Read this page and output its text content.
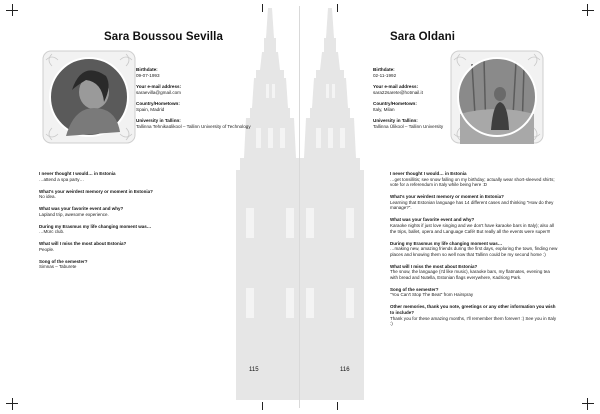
Sara Boussou Sevilla
Birthdate:
09-07-1993
Your e-mail address:
saraevilla@gmail.com
Country/Hometown:
Spain, Madrid
University in Tallinn:
Tallinna Tehnikaülikool – Tallinn University of Technology
I never thought I would… in Estonia
…attend a spa party…
What's your weirdest memory or moment in Estonia?
No idea.
What was your favorite event and why?
Lapland trip, awesome experience.
During my Erasmus my life changing moment was…
…Mürc club.
What will I miss the most about Estonia?
People.
Song of the semester?
Simnas – Taburete
115
Sara Oldani
Birthdate:
02-11-1992
Your e-mail address:
sara22sarete@hotmail.it
Country/Hometown:
Italy, Milan
University in Tallinn:
Tallinna Ülikool – Tallinn University
I never thought I would… in Estonia
…get tonsillitis; see snow falling on my birthday; actually wear short-sleeved shirts; vote for a referendum in Italy while being here :D
What's your weirdest memory or moment in Estonia?
Learning that Estonian language has 14 different cases and thinking "How do they manage?".
What was your favorite event and why?
Karaoke nights if just love singing and we don't have karaoke bars in Italy); also all the trips, ballet, opera and Language Café! But really all the events were super!!!
During my Erasmus my life changing moment was…
…making new, amazing friends during the first days, exploring the town, finding new places and knowing them so well now that Tallinn could be my second home :)
What will I miss the most about Estonia?
The snow, the language (I'd like music), karaoke bars, my flatmates, evening tea with bread and Nutella, Estonian flags everywhere, Kadriorg Park.
Song of the semester?
"You Can't Stop The Beat" from Hairspray
Other memories, thank you note, greetings or any other information you wish to include?
Thank you for these amazing months, I'll remember them forever! :) See you in Italy :)
116
